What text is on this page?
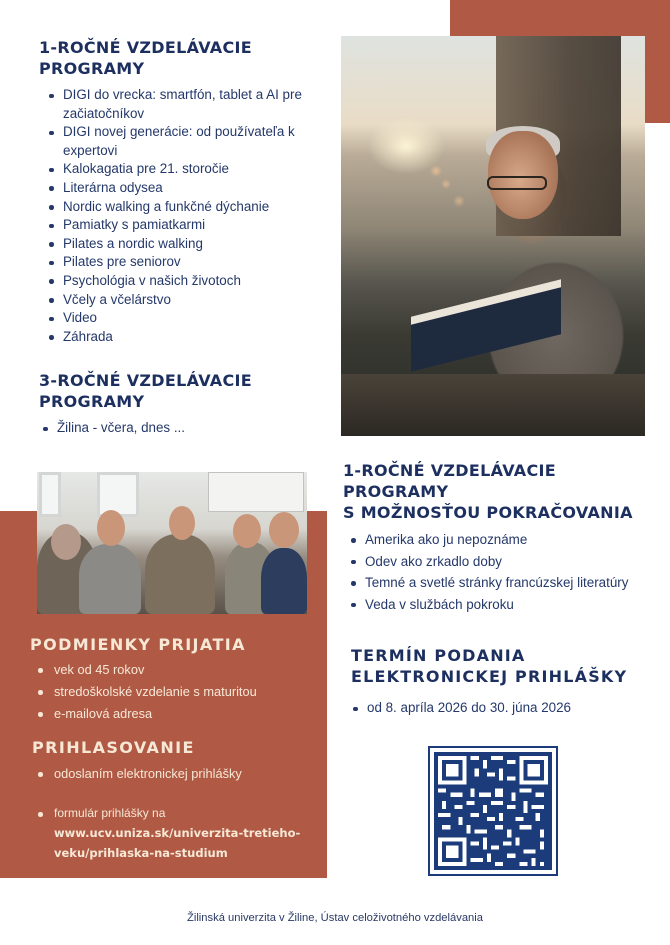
1-ROČNÉ VZDELÁVACIE
PROGRAMY
DIGI do vrecka: smartfón, tablet a AI pre začiatočníkov
DIGI novej generácie: od používateľa k expertovi
Kalokagatia pre 21. storočie
Literárna odysea
Nordic walking a funkčné dýchanie
Pamiatky s pamiatkarmi
Pilates a nordic walking
Pilates pre seniorov
Psychológia v našich životoch
Včely a včelárstvo
Video
Záhrada
3-ROČNÉ VZDELÁVACIE
PROGRAMY
Žilina - včera, dnes ...
1-ROČNÉ VZDELÁVACIE
PROGRAMY
S MOŽNOSŤOU POKRAČOVANIA
Amerika ako ju nepoznáme
Odev ako zrkadlo doby
Temné a svetlé stránky francúzskej literatúry
Veda v službách pokroku
TERMÍN PODANIA
ELEKTRONICKEJ PRIHLÁŠKY
od 8. apríla 2026 do 30. júna 2026
PODMIENKY PRIJATIA
vek od 45 rokov
stredoškolské vzdelanie s maturitou
e-mailová adresa
PRIHLASOVANIE
odoslaním elektronickej prihlášky
formulár prihlášky na
www.ucv.uniza.sk/univerzita-tretieho-
veku/prihlaska-na-studium
Žilinská univerzita v Žiline, Ústav celoživotného vzdelávania
